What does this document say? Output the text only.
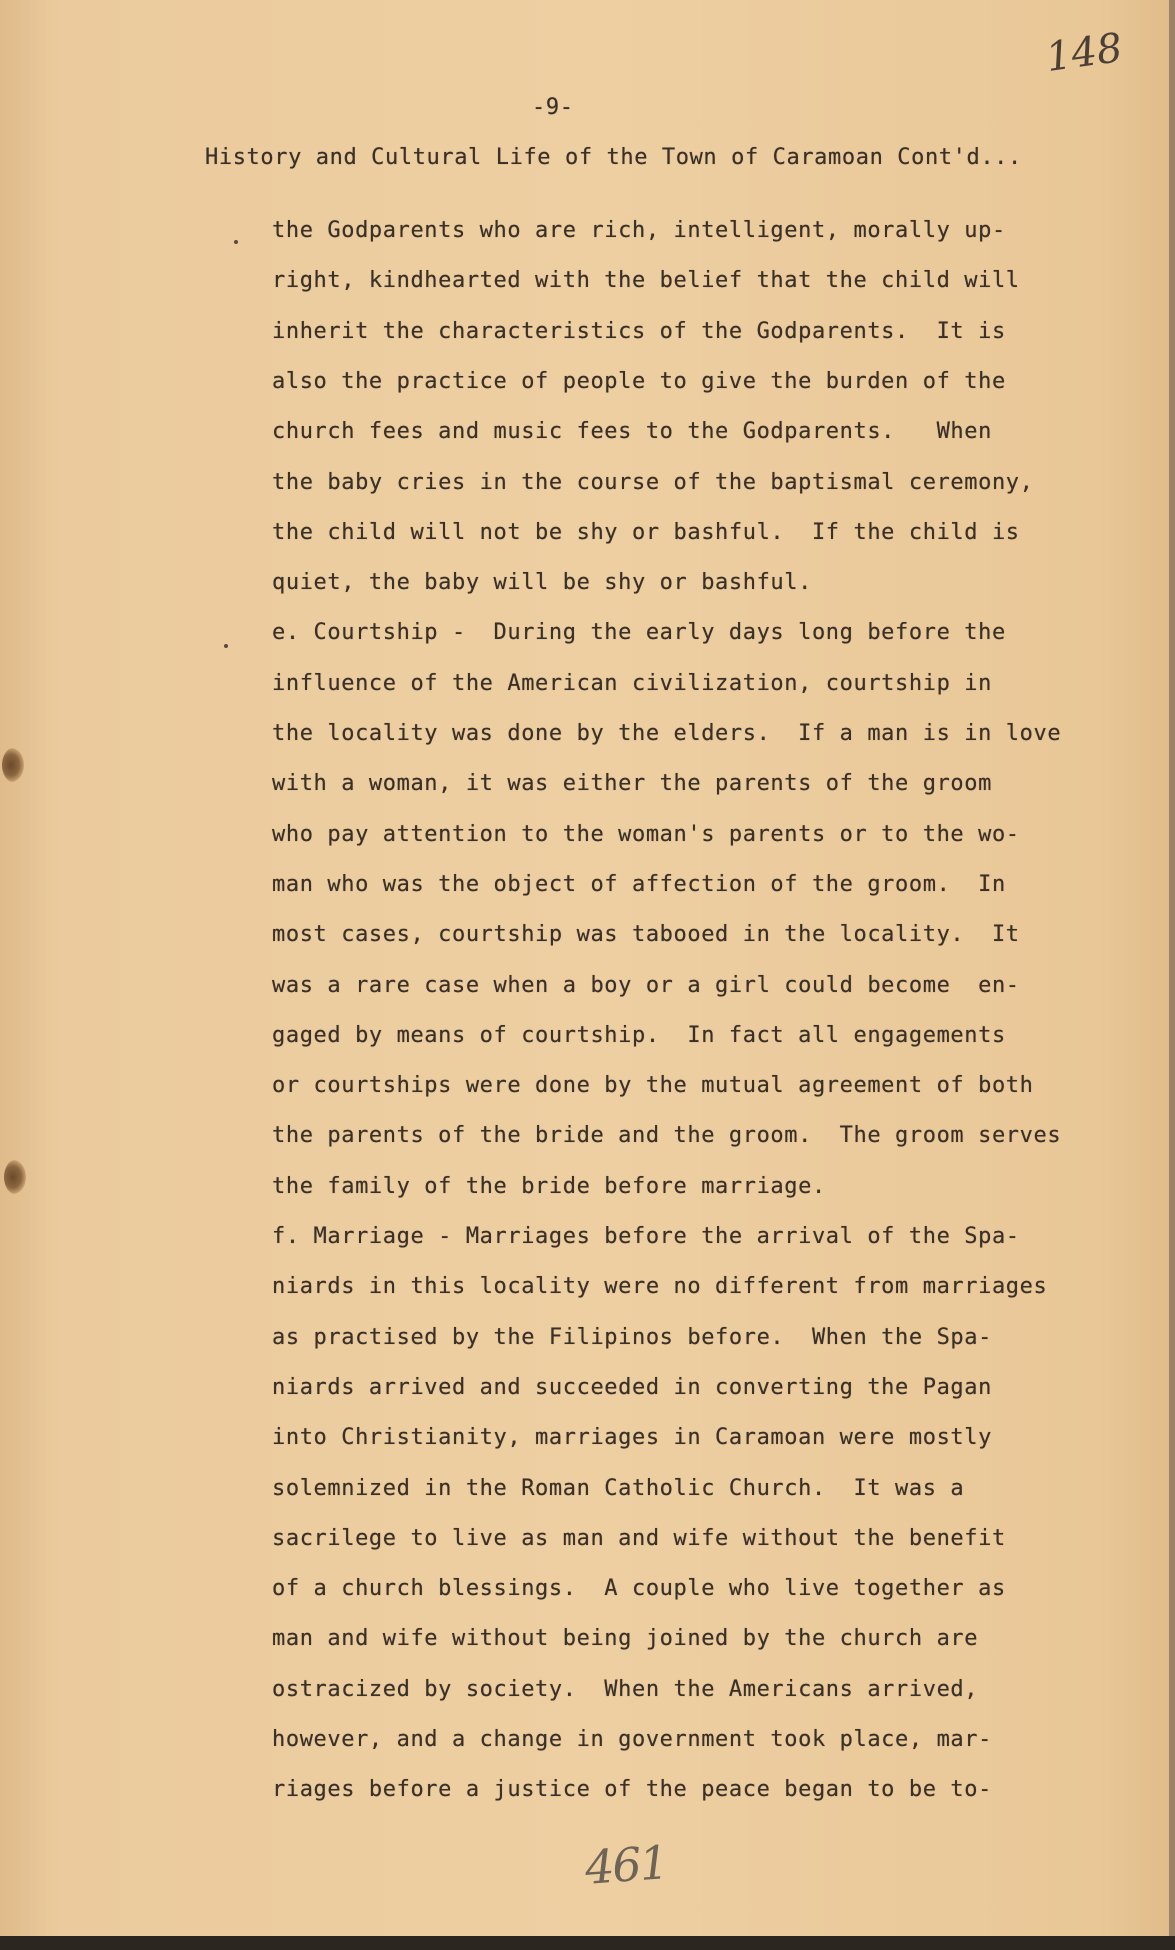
148
-9-
History and Cultural Life of the Town of Caramoan Cont'd...
the Godparents who are rich, intelligent, morally up-
right, kindhearted with the belief that the child will
inherit the characteristics of the Godparents.  It is
also the practice of people to give the burden of the
church fees and music fees to the Godparents.   When
the baby cries in the course of the baptismal ceremony,
the child will not be shy or bashful.  If the child is
quiet, the baby will be shy or bashful.
e. Courtship -  During the early days long before the
influence of the American civilization, courtship in
the locality was done by the elders.  If a man is in love
with a woman, it was either the parents of the groom
who pay attention to the woman's parents or to the wo-
man who was the object of affection of the groom.  In
most cases, courtship was tabooed in the locality.  It
was a rare case when a boy or a girl could become  en-
gaged by means of courtship.  In fact all engagements
or courtships were done by the mutual agreement of both
the parents of the bride and the groom.  The groom serves
the family of the bride before marriage.
f. Marriage - Marriages before the arrival of the Spa-
niards in this locality were no different from marriages
as practised by the Filipinos before.  When the Spa-
niards arrived and succeeded in converting the Pagan
into Christianity, marriages in Caramoan were mostly
solemnized in the Roman Catholic Church.  It was a
sacrilege to live as man and wife without the benefit
of a church blessings.  A couple who live together as
man and wife without being joined by the church are
ostracized by society.  When the Americans arrived,
however, and a change in government took place, mar-
riages before a justice of the peace began to be to-
461
